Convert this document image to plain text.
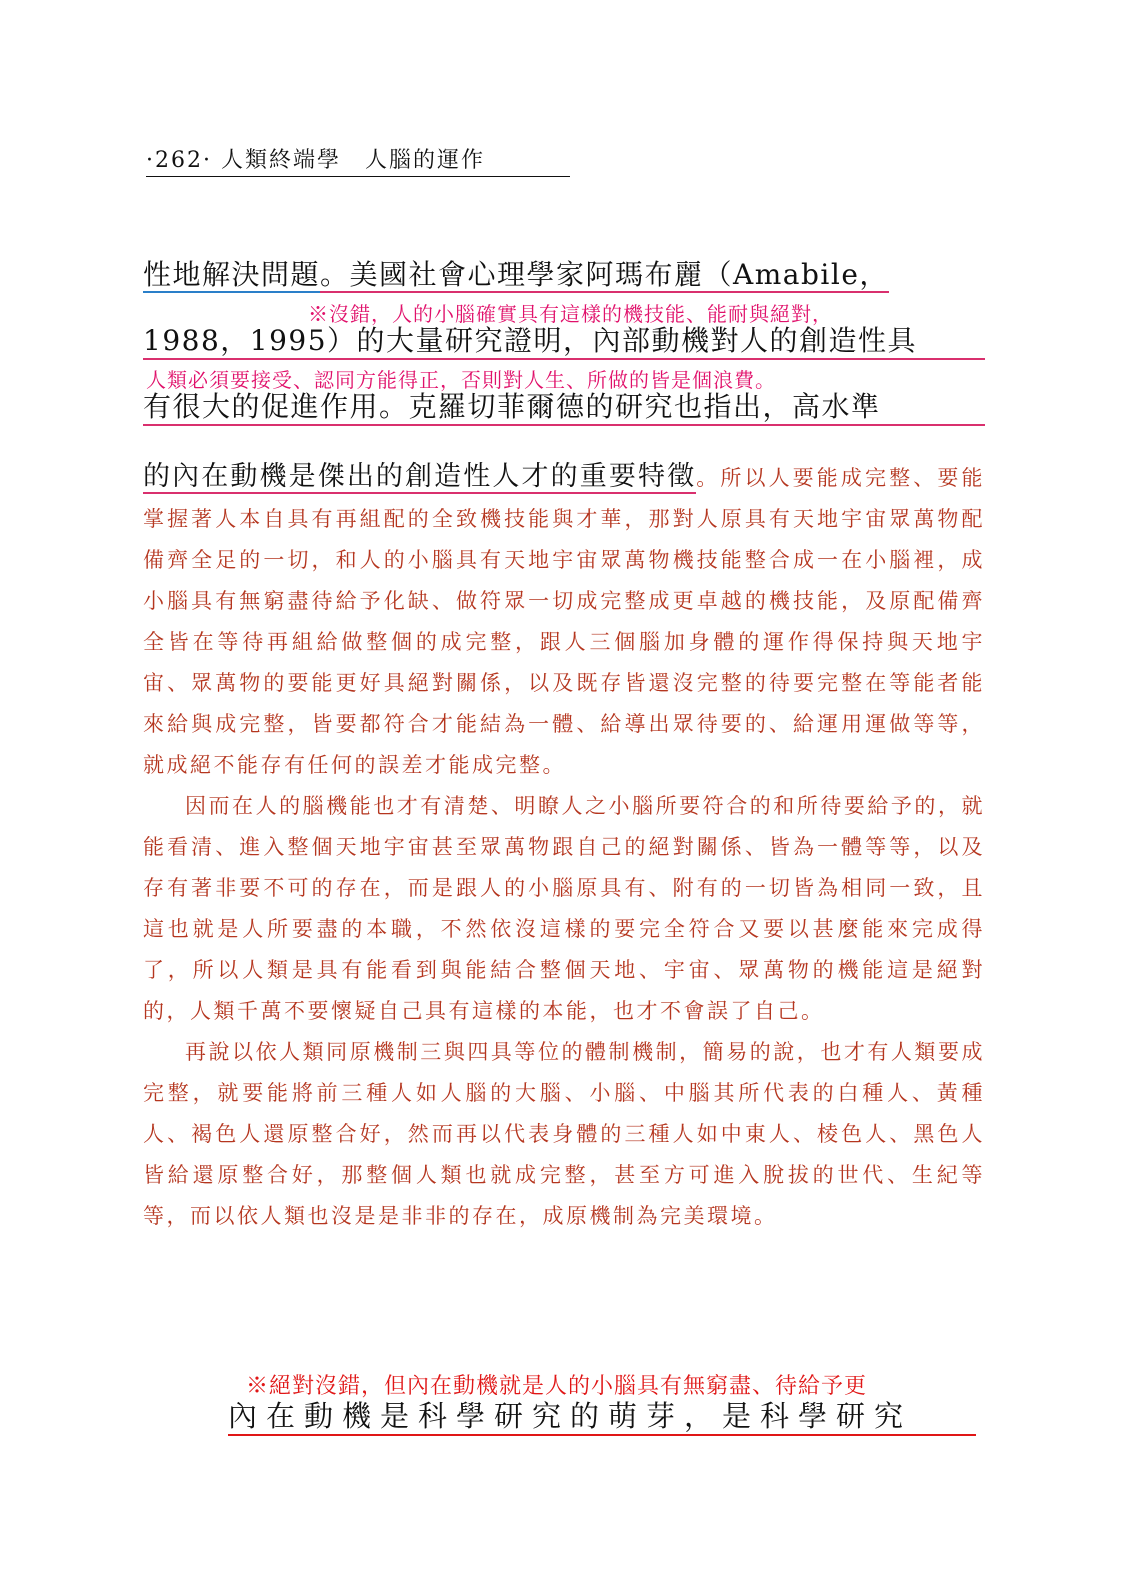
·262· 人類終端學　人腦的運作
性地解決問題。美國社會心理學家阿瑪布麗（Amabile，
※沒錯，人的小腦確實具有這樣的機技能、能耐與絕對，
1988，1995）的大量研究證明，內部動機對人的創造性具
人類必須要接受、認同方能得正，否則對人生、所做的皆是個浪費。
有很大的促進作用。克羅切菲爾德的研究也指出，高水準

的內在動機是傑出的創造性人才的重要特徵。所以人要能成完整、要能掌握著人本自具有再組配的全致機技能與才華，那對人原具有天地宇宙眾萬物配備齊全足的一切，和人的小腦具有天地宇宙眾萬物機技能整合成一在小腦裡，成小腦具有無窮盡待給予化缺、做符眾一切成完整成更卓越的機技能，及原配備齊全皆在等待再組給做整個的成完整，跟人三個腦加身體的運作得保持與天地宇宙、眾萬物的要能更好具絕對關係，以及既存皆還沒完整的待要完整在等能者能來給與成完整，皆要都符合才能結為一體、給導出眾待要的、給運用運做等等，就成絕不能存有任何的誤差才能成完整。

因而在人的腦機能也才有清楚、明瞭人之小腦所要符合的和所待要給予的，就能看清、進入整個天地宇宙甚至眾萬物跟自己的絕對關係、皆為一體等等，以及存有著非要不可的存在，而是跟人的小腦原具有、附有的一切皆為相同一致，且這也就是人所要盡的本職，不然依沒這樣的要完全符合又要以甚麼能來完成得了，所以人類是具有能看到與能結合整個天地、宇宙、眾萬物的機能這是絕對的，人類千萬不要懷疑自己具有這樣的本能，也才不會誤了自己。

再說以依人類同原機制三與四具等位的體制機制，簡易的說，也才有人類要成完整，就要能將前三種人如人腦的大腦、小腦、中腦其所代表的白種人、黃種人、褐色人還原整合好，然而再以代表身體的三種人如中東人、棱色人、黑色人皆給還原整合好，那整個人類也就成完整，甚至方可進入脫拔的世代、生紀等等，而以依人類也沒是是非非的存在，成原機制為完美環境。

※絕對沒錯，但內在動機就是人的小腦具有無窮盡、待給予更
內在動機是科學研究的萌芽，是科學研究
